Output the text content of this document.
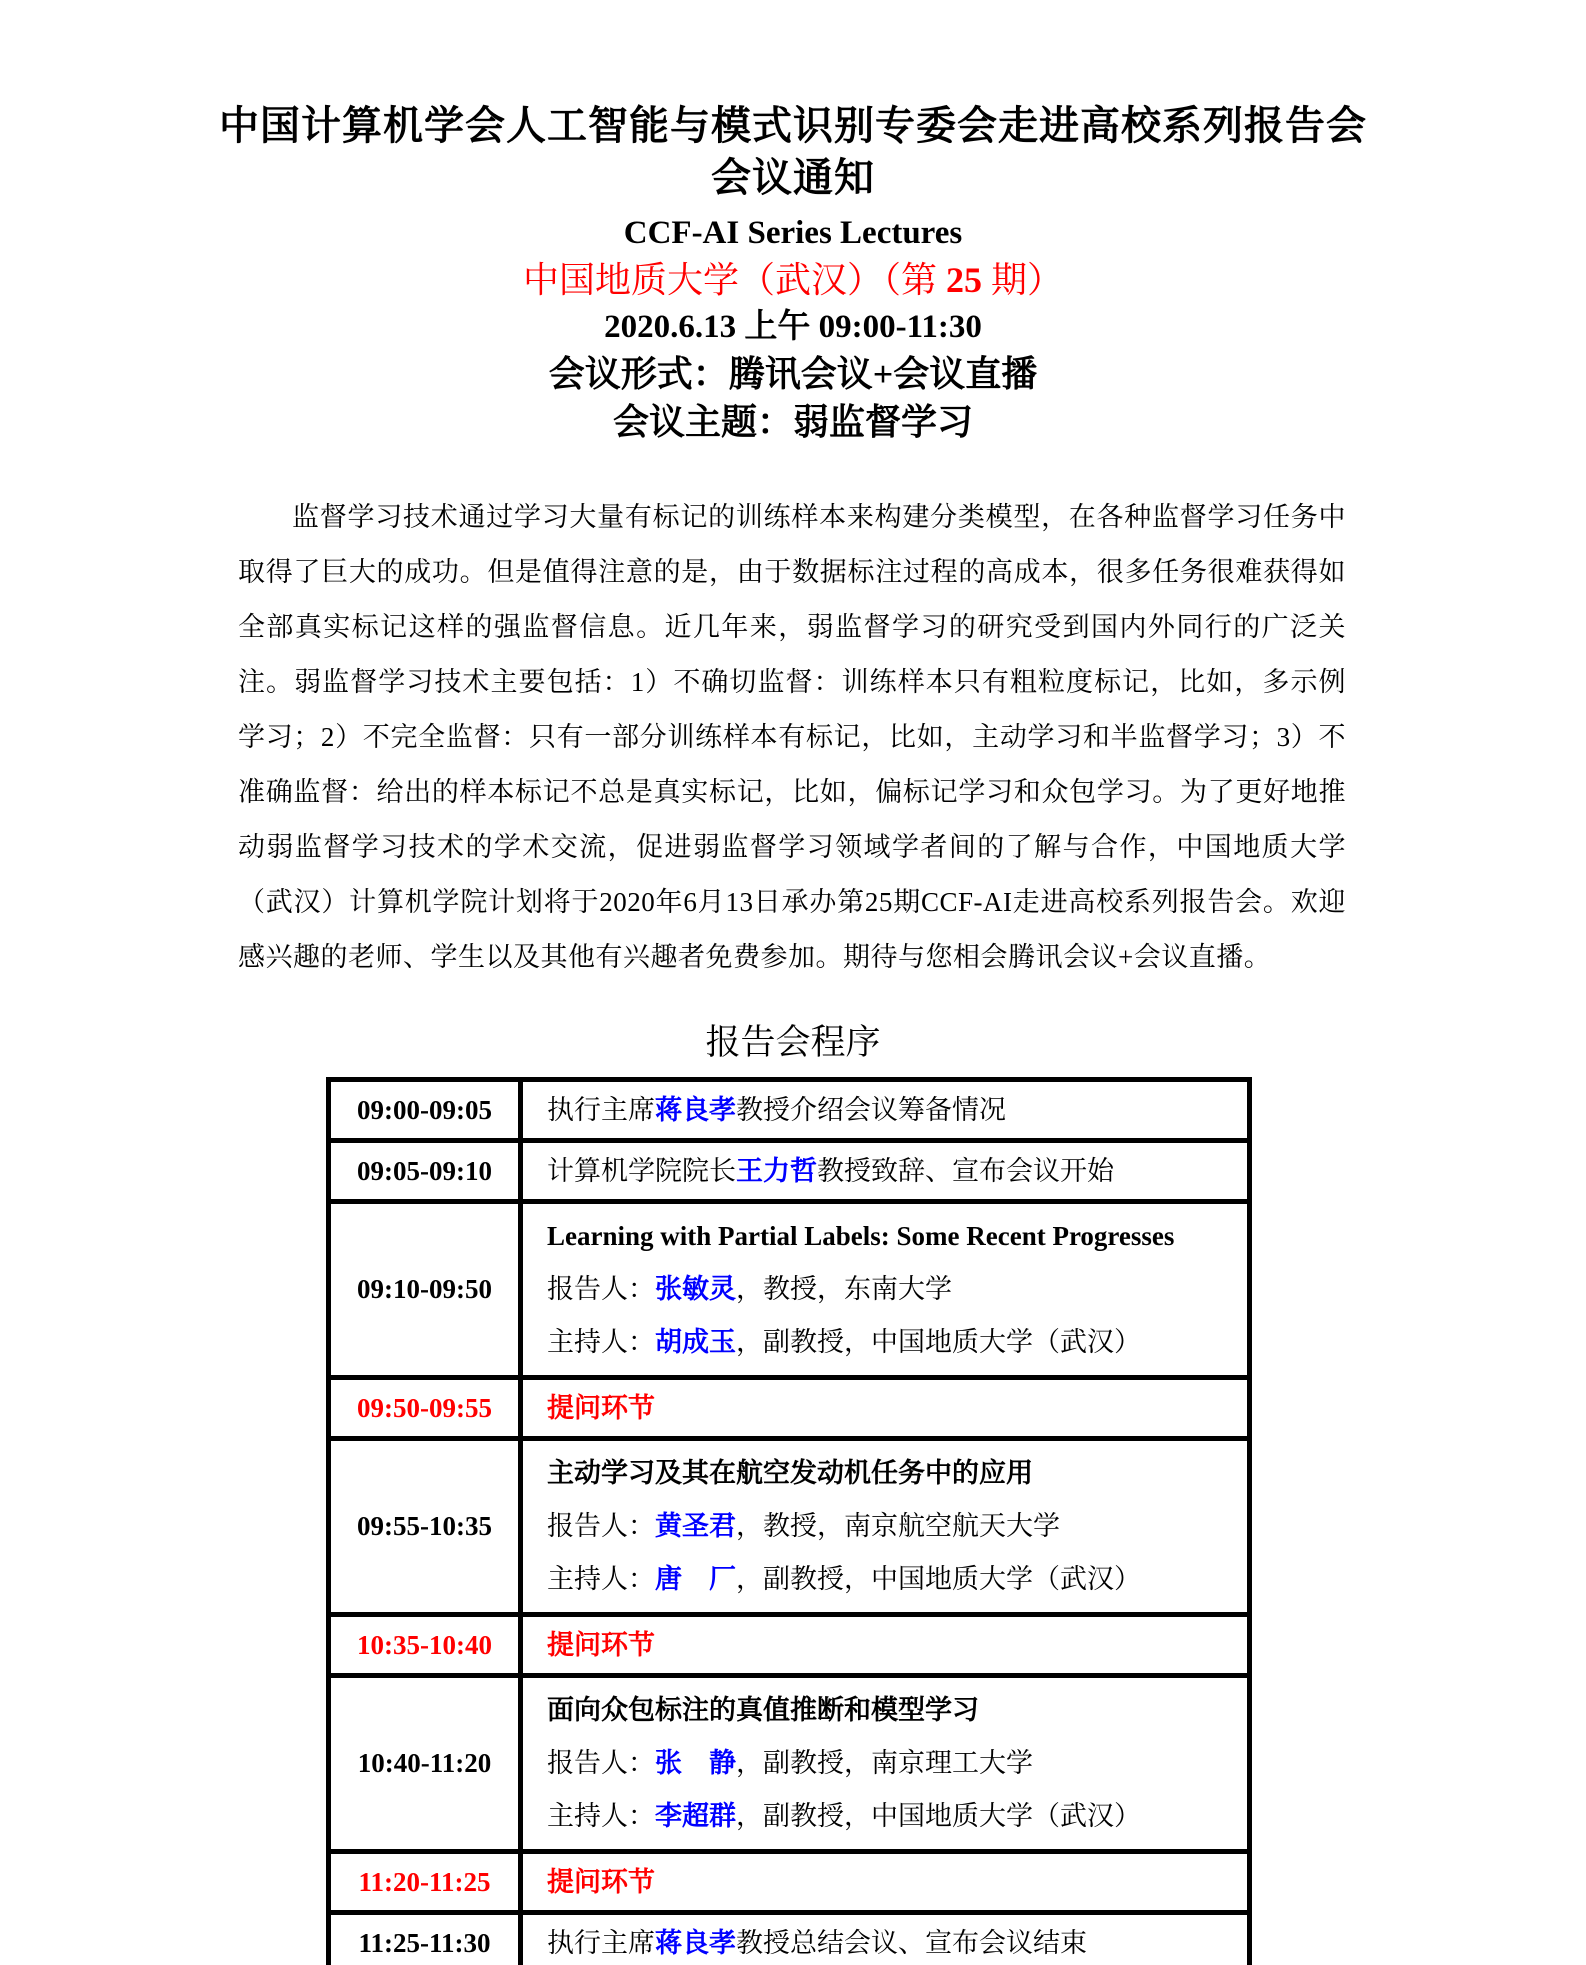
中国计算机学会人工智能与模式识别专委会走进高校系列报告会
会议通知
CCF-AI Series Lectures
中国地质大学（武汉）（第 25 期）
2020.6.13 上午 09:00-11:30
会议形式：腾讯会议+会议直播
会议主题：弱监督学习

监督学习技术通过学习大量有标记的训练样本来构建分类模型，在各种监督学习任务中取得了巨大的成功。但是值得注意的是，由于数据标注过程的高成本，很多任务很难获得如全部真实标记这样的强监督信息。近几年来，弱监督学习的研究受到国内外同行的广泛关注。弱监督学习技术主要包括：1）不确切监督：训练样本只有粗粒度标记，比如，多示例学习；2）不完全监督：只有一部分训练样本有标记，比如，主动学习和半监督学习；3）不准确监督：给出的样本标记不总是真实标记，比如，偏标记学习和众包学习。为了更好地推动弱监督学习技术的学术交流，促进弱监督学习领域学者间的了解与合作，中国地质大学（武汉）计算机学院计划将于2020年6月13日承办第25期CCF-AI走进高校系列报告会。欢迎感兴趣的老师、学生以及其他有兴趣者免费参加。期待与您相会腾讯会议+会议直播。

报告会程序
09:00-09:05	执行主席蒋良孝教授介绍会议筹备情况

09:05-09:10	计算机学院院长王力哲教授致辞、宣布会议开始

09:10-09:50	Learning with Partial Labels: Some Recent Progresses
报告人：张敏灵，教授，东南大学
主持人：胡成玉，副教授，中国地质大学（武汉）

09:50-09:55	提问环节

09:55-10:35	主动学习及其在航空发动机任务中的应用
报告人：黄圣君，教授，南京航空航天大学
主持人：唐　厂，副教授，中国地质大学（武汉）

10:35-10:40	提问环节

10:40-11:20	面向众包标注的真值推断和模型学习
报告人：张　静，副教授，南京理工大学
主持人：李超群，副教授，中国地质大学（武汉）

11:20-11:25	提问环节

11:25-11:30	执行主席蒋良孝教授总结会议、宣布会议结束
